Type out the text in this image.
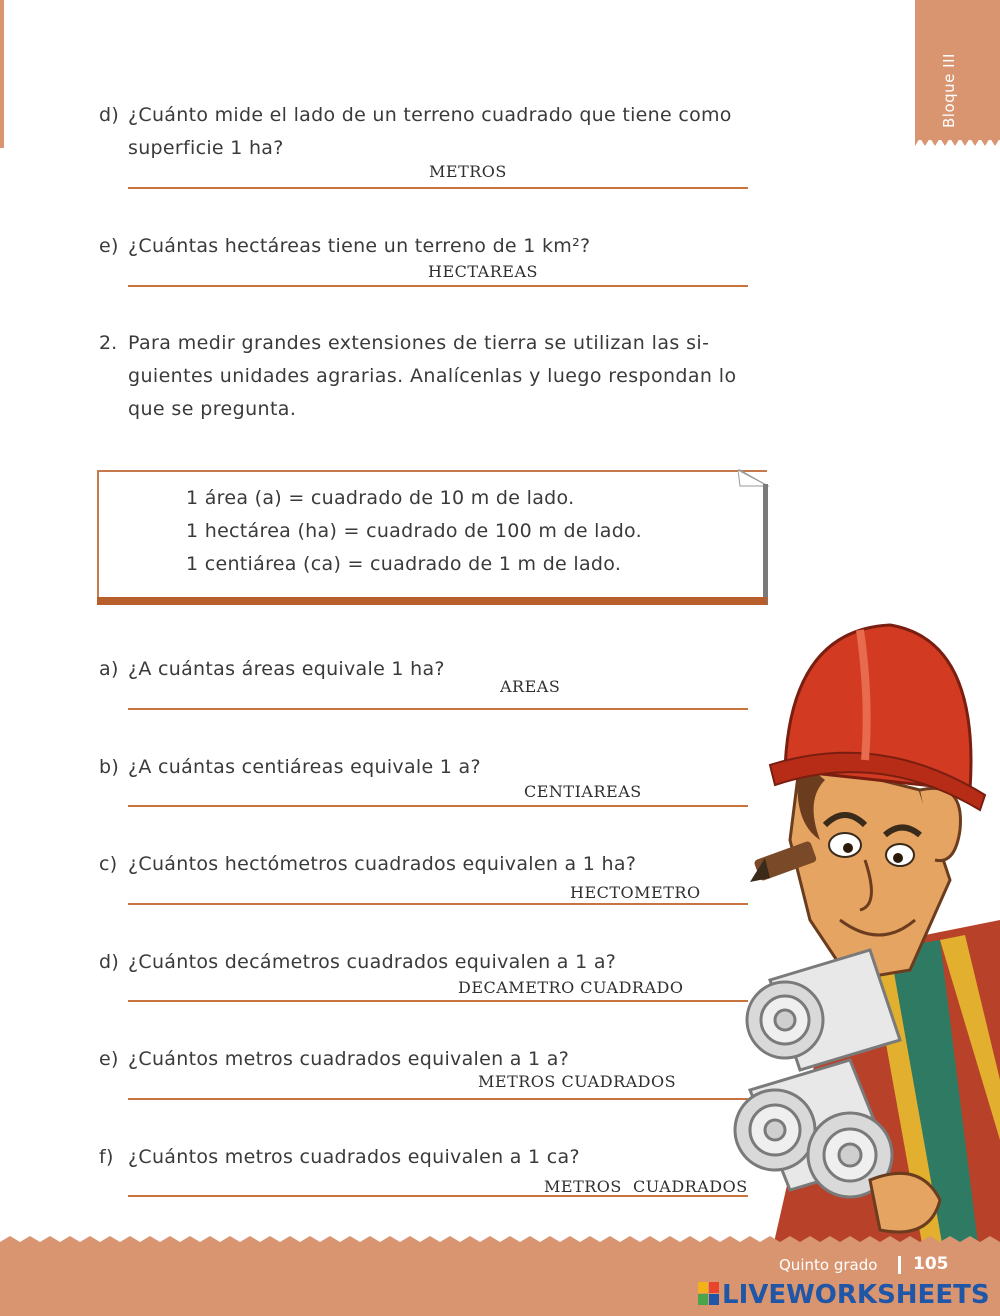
Bloque III
d) ¿Cuánto mide el lado de un terreno cuadrado que tiene como
superficie 1 ha?
METROS
e) ¿Cuántas hectáreas tiene un terreno de 1 km²?
HECTAREAS
2. Para medir grandes extensiones de tierra se utilizan las si-
guientes unidades agrarias. Analícenlas y luego respondan lo
que se pregunta.
1 área (a) = cuadrado de 10 m de lado.
1 hectárea (ha) = cuadrado de 100 m de lado.
1 centiárea (ca) = cuadrado de 1 m de lado.
a) ¿A cuántas áreas equivale 1 ha?
AREAS
b) ¿A cuántas centiáreas equivale 1 a?
CENTIAREAS
c) ¿Cuántos hectómetros cuadrados equivalen a 1 ha?
HECTOMETRO
d) ¿Cuántos decámetros cuadrados equivalen a 1 a?
DECAMETRO CUADRADO
e) ¿Cuántos metros cuadrados equivalen a 1 a?
METROS CUADRADOS
f) ¿Cuántos metros cuadrados equivalen a 1 ca?
METROS CUADRADOS
Quinto grado 105
LIVEWORKSHEETS
